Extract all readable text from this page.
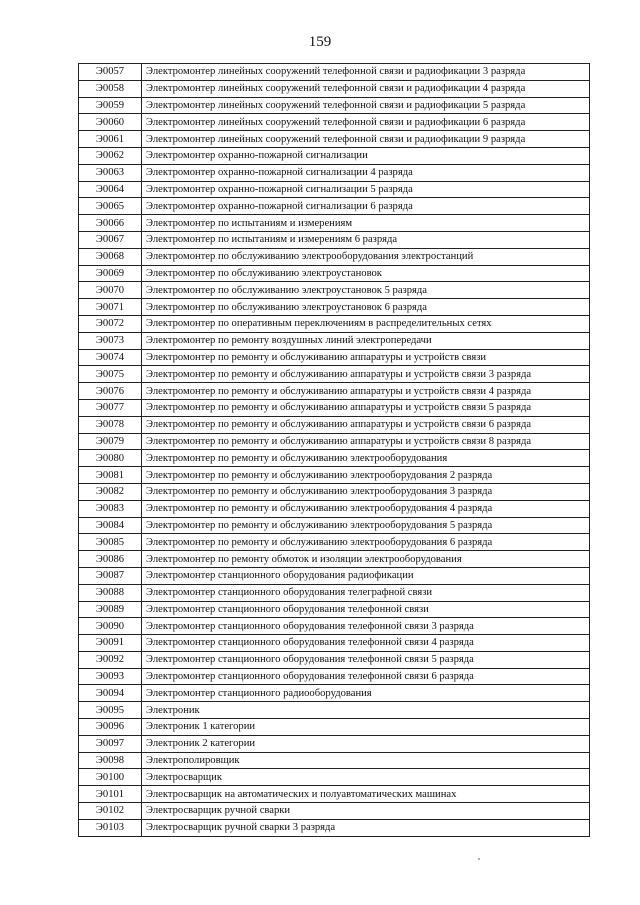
159
Э0057	Электромонтер линейных сооружений телефонной связи и радиофикации 3 разряда
Э0058	Электромонтер линейных сооружений телефонной связи и радиофикации 4 разряда
Э0059	Электромонтер линейных сооружений телефонной связи и радиофикации 5 разряда
Э0060	Электромонтер линейных сооружений телефонной связи и радиофикации 6 разряда
Э0061	Электромонтер линейных сооружений телефонной связи и радиофикации 9 разряда
Э0062	Электромонтер охранно-пожарной сигнализации
Э0063	Электромонтер охранно-пожарной сигнализации 4 разряда
Э0064	Электромонтер охранно-пожарной сигнализации 5 разряда
Э0065	Электромонтер охранно-пожарной сигнализации 6 разряда
Э0066	Электромонтер по испытаниям и измерениям
Э0067	Электромонтер по испытаниям и измерениям 6 разряда
Э0068	Электромонтер по обслуживанию электрооборудования электростанций
Э0069	Электромонтер по обслуживанию электроустановок
Э0070	Электромонтер по обслуживанию электроустановок 5 разряда
Э0071	Электромонтер по обслуживанию электроустановок 6 разряда
Э0072	Электромонтер по оперативным переключениям в распределительных сетях
Э0073	Электромонтер по ремонту воздушных линий электропередачи
Э0074	Электромонтер по ремонту и обслуживанию аппаратуры и устройств связи
Э0075	Электромонтер по ремонту и обслуживанию аппаратуры и устройств связи 3 разряда
Э0076	Электромонтер по ремонту и обслуживанию аппаратуры и устройств связи 4 разряда
Э0077	Электромонтер по ремонту и обслуживанию аппаратуры и устройств связи 5 разряда
Э0078	Электромонтер по ремонту и обслуживанию аппаратуры и устройств связи 6 разряда
Э0079	Электромонтер по ремонту и обслуживанию аппаратуры и устройств связи 8 разряда
Э0080	Электромонтер по ремонту и обслуживанию электрооборудования
Э0081	Электромонтер по ремонту и обслуживанию электрооборудования 2 разряда
Э0082	Электромонтер по ремонту и обслуживанию электрооборудования 3 разряда
Э0083	Электромонтер по ремонту и обслуживанию электрооборудования 4 разряда
Э0084	Электромонтер по ремонту и обслуживанию электрооборудования 5 разряда
Э0085	Электромонтер по ремонту и обслуживанию электрооборудования 6 разряда
Э0086	Электромонтер по ремонту обмоток и изоляции электрооборудования
Э0087	Электромонтер станционного оборудования радиофикации
Э0088	Электромонтер станционного оборудования телеграфной связи
Э0089	Электромонтер станционного оборудования телефонной связи
Э0090	Электромонтер станционного оборудования телефонной связи 3 разряда
Э0091	Электромонтер станционного оборудования телефонной связи 4 разряда
Э0092	Электромонтер станционного оборудования телефонной связи 5 разряда
Э0093	Электромонтер станционного оборудования телефонной связи 6 разряда
Э0094	Электромонтер станционного радиооборудования
Э0095	Электроник
Э0096	Электроник 1 категории
Э0097	Электроник 2 категории
Э0098	Электрополировщик
Э0100	Электросварщик
Э0101	Электросварщик на автоматических и полуавтоматических машинах
Э0102	Электросварщик ручной сварки
Э0103	Электросварщик ручной сварки 3 разряда
